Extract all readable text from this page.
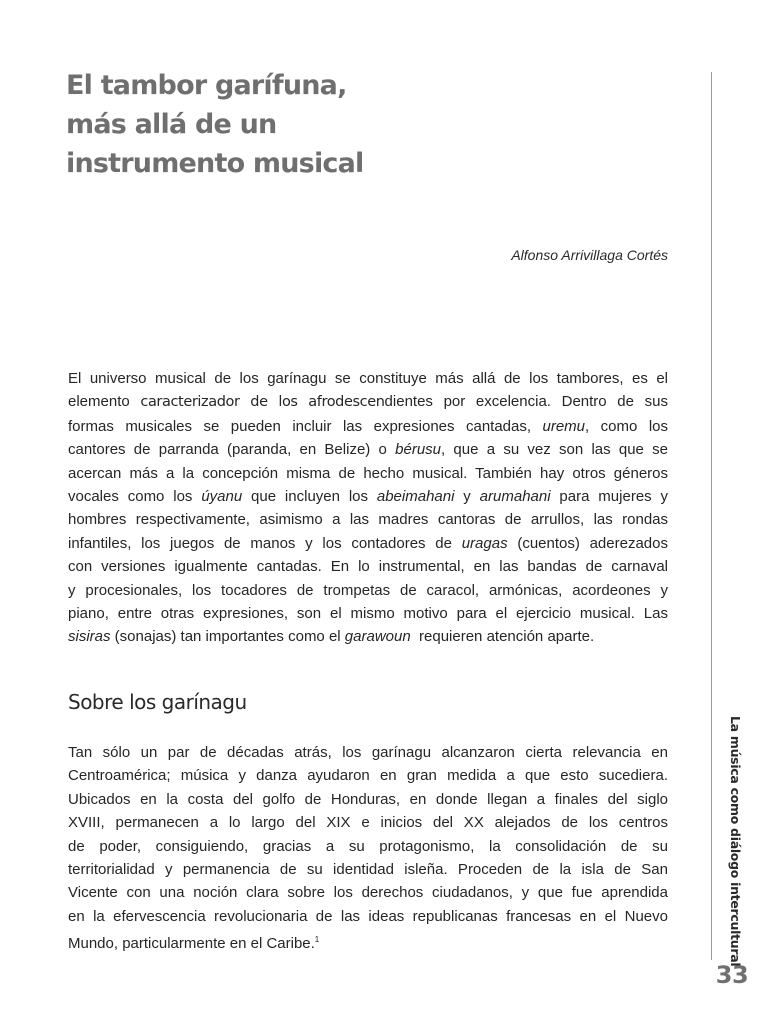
El tambor garífuna,
más allá de un
instrumento musical
Alfonso Arrivillaga Cortés

El universo musical de los garínagu se constituye más allá de los tambores, es el
elemento caracterizador de los afrodescendientes por excelencia. Dentro de sus
formas musicales se pueden incluir las expresiones cantadas, uremu, como los
cantores de parranda (paranda, en Belize) o bérusu, que a su vez son las que se
acercan más a la concepción misma de hecho musical. También hay otros géneros
vocales como los úyanu que incluyen los abeimahani y arumahani para mujeres y
hombres respectivamente, asimismo a las madres cantoras de arrullos, las rondas
infantiles, los juegos de manos y los contadores de uragas (cuentos) aderezados
con versiones igualmente cantadas. En lo instrumental, en las bandas de carnaval
y procesionales, los tocadores de trompetas de caracol, armónicas, acordeones y
piano, entre otras expresiones, son el mismo motivo para el ejercicio musical. Las
sisiras (sonajas) tan importantes como el garawoun  requieren atención aparte.

Sobre los garínagu

Tan sólo un par de décadas atrás, los garínagu alcanzaron cierta relevancia en
Centroamérica; música y danza ayudaron en gran medida a que esto sucediera.
Ubicados en la costa del golfo de Honduras, en donde llegan a finales del siglo
XVIII, permanecen a lo largo del XIX e inicios del XX alejados de los centros
de poder, consiguiendo, gracias a su protagonismo, la consolidación de su
territorialidad y permanencia de su identidad isleña. Proceden de la isla de San
Vicente con una noción clara sobre los derechos ciudadanos, y que fue aprendida
en la efervescencia revolucionaria de las ideas republicanas francesas en el Nuevo
Mundo, particularmente en el Caribe.$^1$	La música como diálogo intercultural
33
